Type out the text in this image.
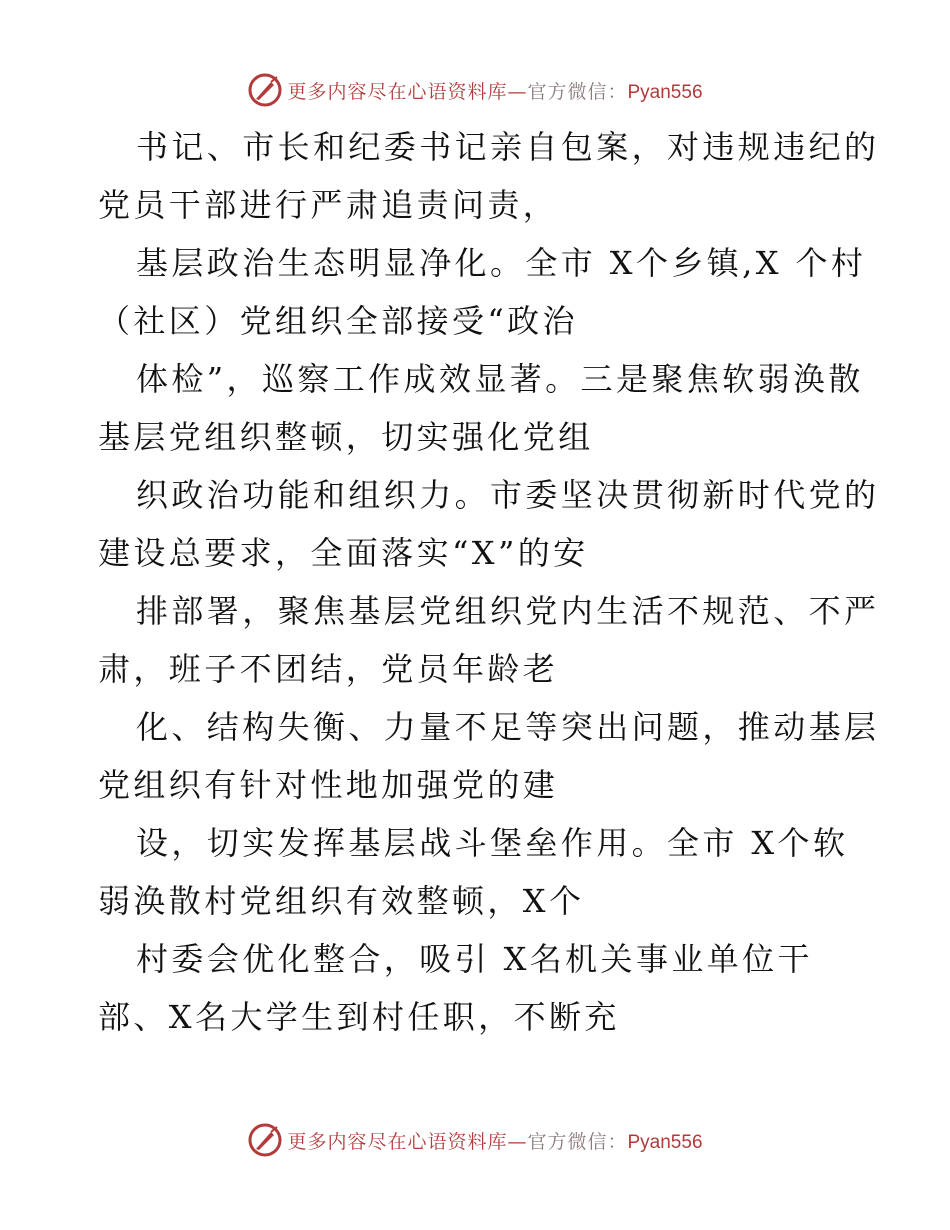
更多内容尽在心语资料库—官方微信：Pyan556
书记、市长和纪委书记亲自包案，对违规违纪的
党员干部进行严肃追责问责，
基层政治生态明显净化。全市 X个乡镇,X 个村
（社区）党组织全部接受“政治
体检”，巡察工作成效显著。三是聚焦软弱涣散
基层党组织整顿，切实强化党组
织政治功能和组织力。市委坚决贯彻新时代党的
建设总要求，全面落实“X”的安
排部署，聚焦基层党组织党内生活不规范、不严
肃，班子不团结，党员年龄老
化、结构失衡、力量不足等突出问题，推动基层
党组织有针对性地加强党的建
设，切实发挥基层战斗堡垒作用。全市 X个软
弱涣散村党组织有效整顿，X个
村委会优化整合，吸引 X名机关事业单位干
部、X名大学生到村任职，不断充
更多内容尽在心语资料库—官方微信：Pyan556
